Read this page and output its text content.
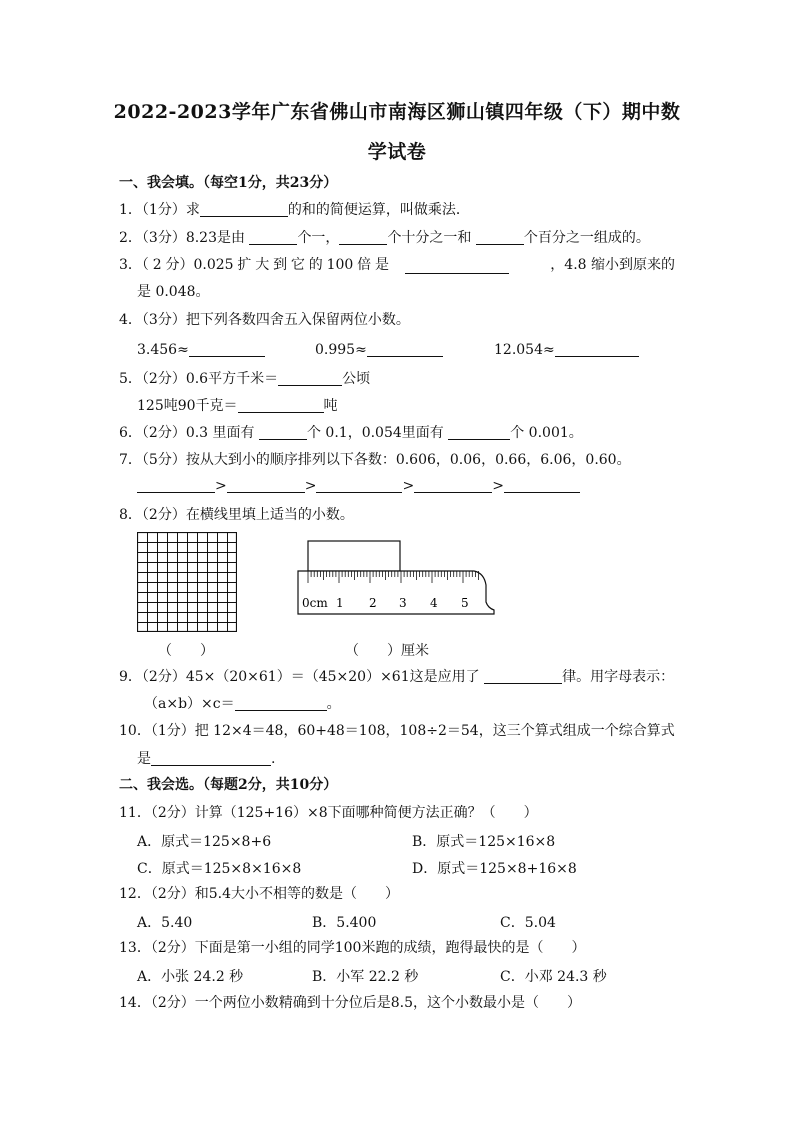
2022-2023学年广东省佛山市南海区狮山镇四年级（下）期中数
学试卷
一、我会填。（每空1分，共23分）
1．（1分）求	的和的简便运算，叫做乘法．
2．（3分）8.23是由	个一，	个十分之一和	个百分之一组成的。
3．（ 2 分）0.025 扩 大 到 它 的 100 倍 是	，4.8 缩小到原来的
是 0.048。
4．（3分）把下列各数四舍五入保留两位小数。
3.456≈	0.995≈	12.054≈
5．（2分）0.6平方千米＝	公顷
125吨90千克＝	吨
6．（2分）0.3 里面有	个 0.1，0.054里面有	个 0.001。
7．（5分）按从大到小的顺序排列以下各数：0.606，0.06，0.66，6.06，0.60。
>	>	>	>
8．（2分）在横线里填上适当的小数。
0cm 1 2 3 4 5
（　　）	（　　）厘米
9．（2分）45×（20×61）＝（45×20）×61这是应用了	律。用字母表示：
（a×b）×c＝	。
10．（1分）把 12×4＝48，60+48＝108，108÷2＝54，这三个算式组成一个综合算式
是	.
二、我会选。（每题2分，共10分）
11．（2分）计算（125+16）×8下面哪种简便方法正确？（　　）
A．原式＝125×8+6	B．原式＝125×16×8
C．原式＝125×8×16×8	D．原式＝125×8+16×8
12．（2分）和5.4大小不相等的数是（　　）
A．5.40	B．5.400	C．5.04
13．（2分）下面是第一小组的同学100米跑的成绩，跑得最快的是（　　）
A．小张 24.2 秒	B．小军 22.2 秒	C．小邓 24.3 秒
14．（2分）一个两位小数精确到十分位后是8.5，这个小数最小是（　　）
